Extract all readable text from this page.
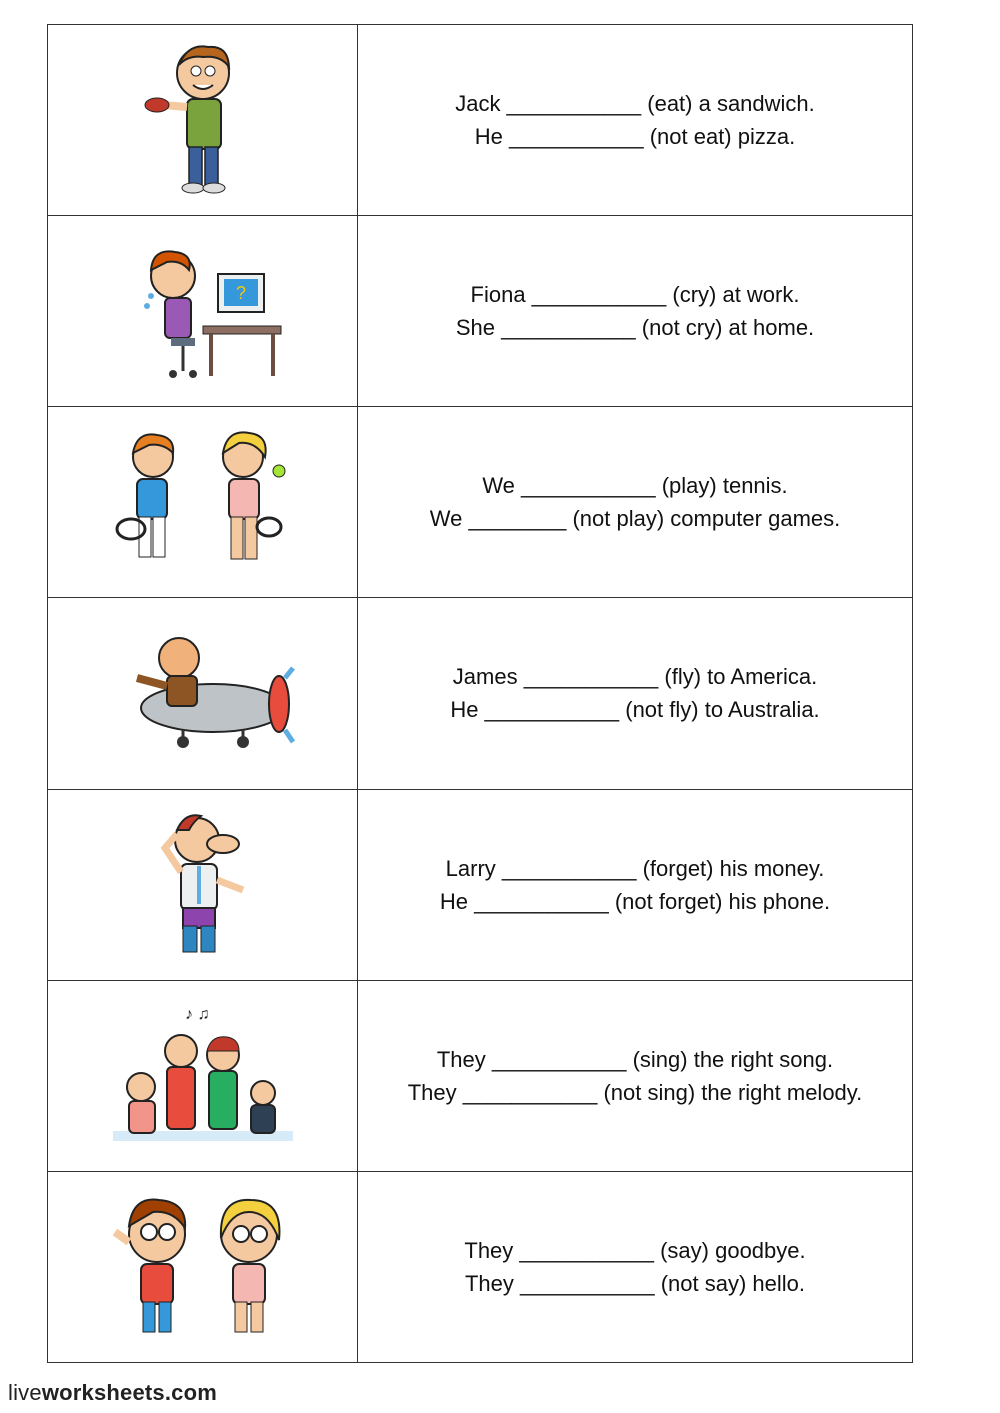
Jack ___________ (eat) a sandwich.
He ___________ (not eat) pizza.

?	Fiona ___________ (cry) at work.
She ___________ (not cry) at home.

We ___________ (play) tennis.
We ________ (not play) computer games.

James ___________ (fly) to America.
He ___________ (not fly) to Australia.

Larry ___________ (forget) his money.
He ___________ (not forget) his phone.

♪ ♫	They ___________ (sing) the right song.
They ___________ (not sing) the right melody.

They ___________ (say) goodbye.
They ___________ (not say) hello.
liveworksheets.com
